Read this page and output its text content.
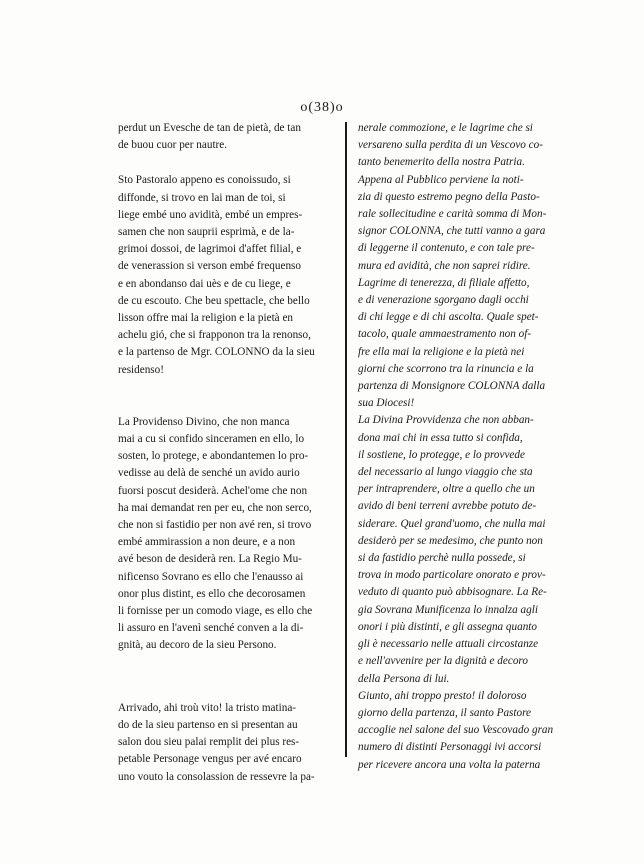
o(38)o

perdut un Evesche de tan de pietà, de tan

de buou cuor per nautre.

Sto Pastoralo appeno es conoissudo, si

diffonde, si trovo en lai man de toi, si

liege embé uno avidità, embé un empres-

samen che non sauprii esprimà, e de la-

grimoi dossoi, de lagrimoi d'affet filial, e

de venerassion si verson embé frequenso

e en abondanso dai uès e de cu liege, e

de cu escouto. Che beu spettacle, che bello

lisson offre mai la religion e la pietà en

achelu gió, che si frapponon tra la renonso,

e la partenso de Mgr. COLONNO da la sieu

residenso!

La Providenso Divino, che non manca

mai a cu si confido sinceramen en ello, lo

sosten, lo protege, e abondantemen lo pro-

vedisse au delà de senché un avido aurio

fuorsi poscut desiderà. Achel'ome che non

ha mai demandat ren per eu, che non serco,

che non si fastidio per non avé ren, si trovo

embé ammirassion a non deure, e a non

avé beson de desiderà ren. La Regio Mu-

nificenso Sovrano es ello che l'enausso ai

onor plus distint, es ello che decorosamen

li fornisse per un comodo viage, es ello che

li assuro en l'avenì senché conven a la di-

gnità, au decoro de la sieu Persono.

Arrivado, ahi troù vito! la tristo matina-

do de la sieu partenso en si presentan au

salon dou sieu palai remplit dei plus res-

petable Personage vengus per avé encaro

uno vouto la consolassion de ressevre la pa-

nerale commozione, e le lagrime che si

versareno sulla perdita di un Vescovo co-

tanto benemerito della nostra Patria.

Appena al Pubblico perviene la noti-

zia di questo estremo pegno della Pasto-

rale sollecitudine e carità somma di Mon-

signor COLONNA, che tutti vanno a gara

di leggerne il contenuto, e con tale pre-

mura ed avidità, che non saprei ridire.

Lagrime di tenerezza, di filiale affetto,

e di venerazione sgorgano dagli occhi

di chi legge e di chi ascolta. Quale spet-

tacolo, quale ammaestramento non of-

fre ella mai la religione e la pietà nei

giorni che scorrono tra la rinuncia e la

partenza di Monsignore COLONNA dalla

sua Diocesi!

La Divina Provvidenza che non abban-

dona mai chi in essa tutto si confida,

il sostiene, lo protegge, e lo provvede

del necessario al lungo viaggio che sta

per intraprendere, oltre a quello che un

avido di beni terreni avrebbe potuto de-

siderare. Quel grand'uomo, che nulla mai

desiderò per se medesimo, che punto non

si da fastidio perchè nulla possede, si

trova in modo particolare onorato e prov-

veduto di quanto può abbisognare. La Re-

gia Sovrana Munificenza lo innalza agli

onori i più distinti, e gli assegna quanto

gli è necessario nelle attuali circostanze

e nell'avvenire per la dignità e decoro

della Persona di lui.

Giunto, ahi troppo presto! il doloroso

giorno della partenza, il santo Pastore

accoglie nel salone del suo Vescovado gran

numero di distinti Personaggi ivi accorsi

per ricevere ancora una volta la paterna
